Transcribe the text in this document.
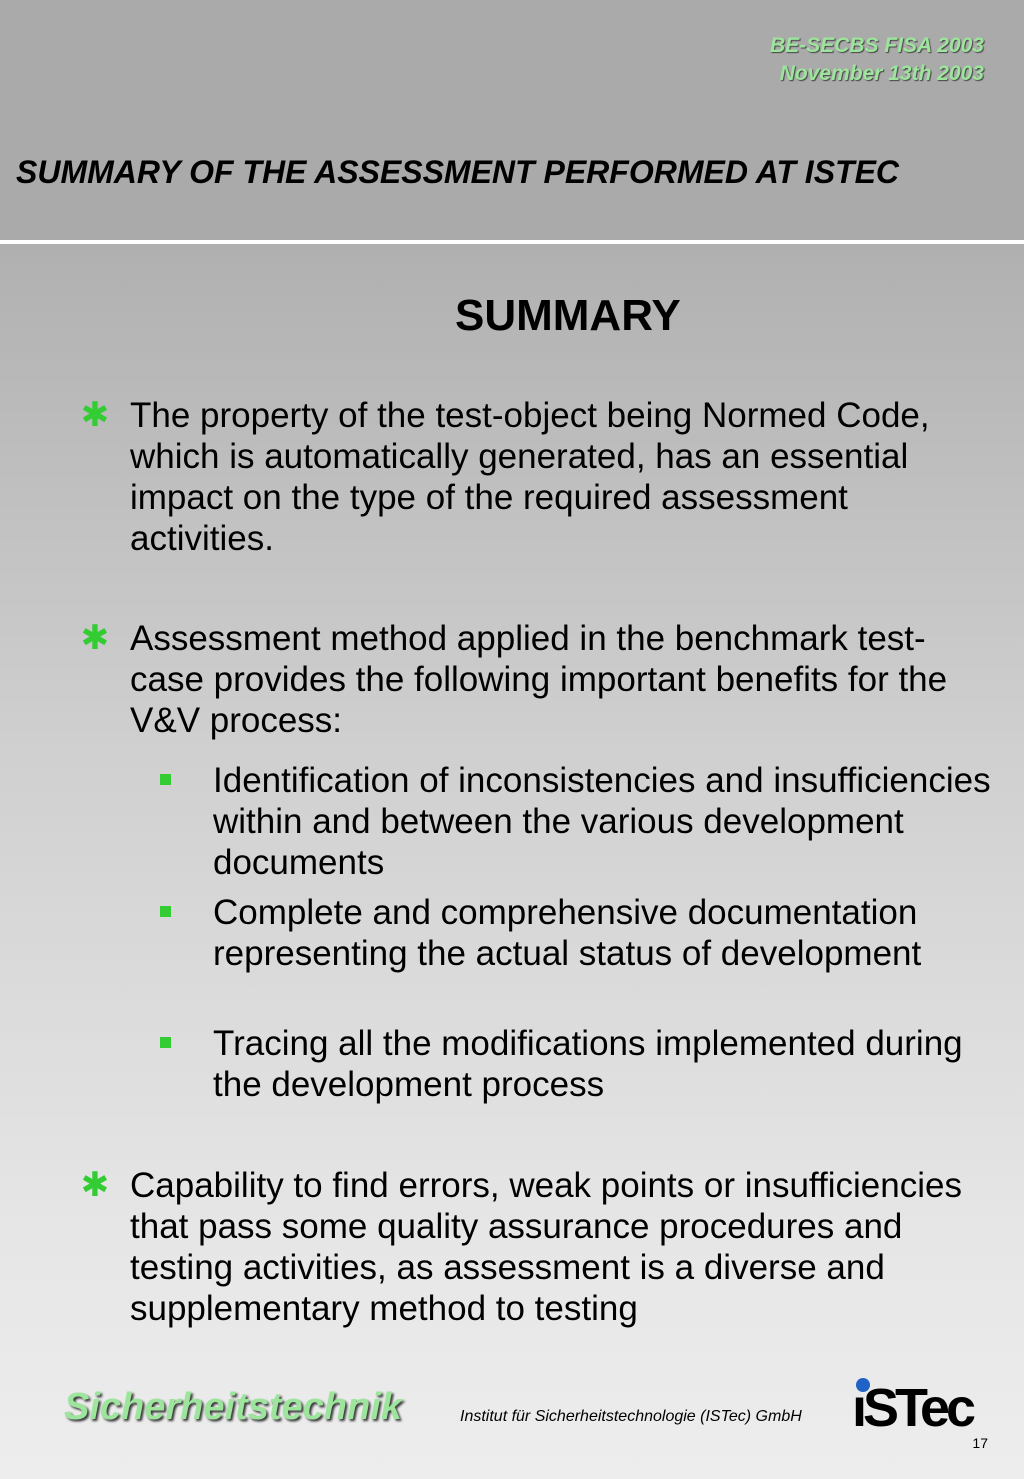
BE-SECBS FISA 2003
November 13th 2003
SUMMARY OF THE ASSESSMENT PERFORMED AT ISTEC
SUMMARY
✱ The property of the test-object being Normed Code, which is automatically generated, has an essential impact on the type of the required assessment activities.

✱ Assessment method applied in the benchmark test-case provides the following important benefits for the V&V process:

Identification of inconsistencies and insufficiencies within and between the various development documents

Complete and comprehensive documentation representing the actual status of development

Tracing all the modifications implemented during the development process

✱ Capability to find errors, weak points or insufficiencies that pass some quality assurance procedures and testing activities, as assessment is a diverse and supplementary method to testing

Sicherheitstechnik	Institut für Sicherheitstechnologie (ISTec) GmbH ıSTec
17
